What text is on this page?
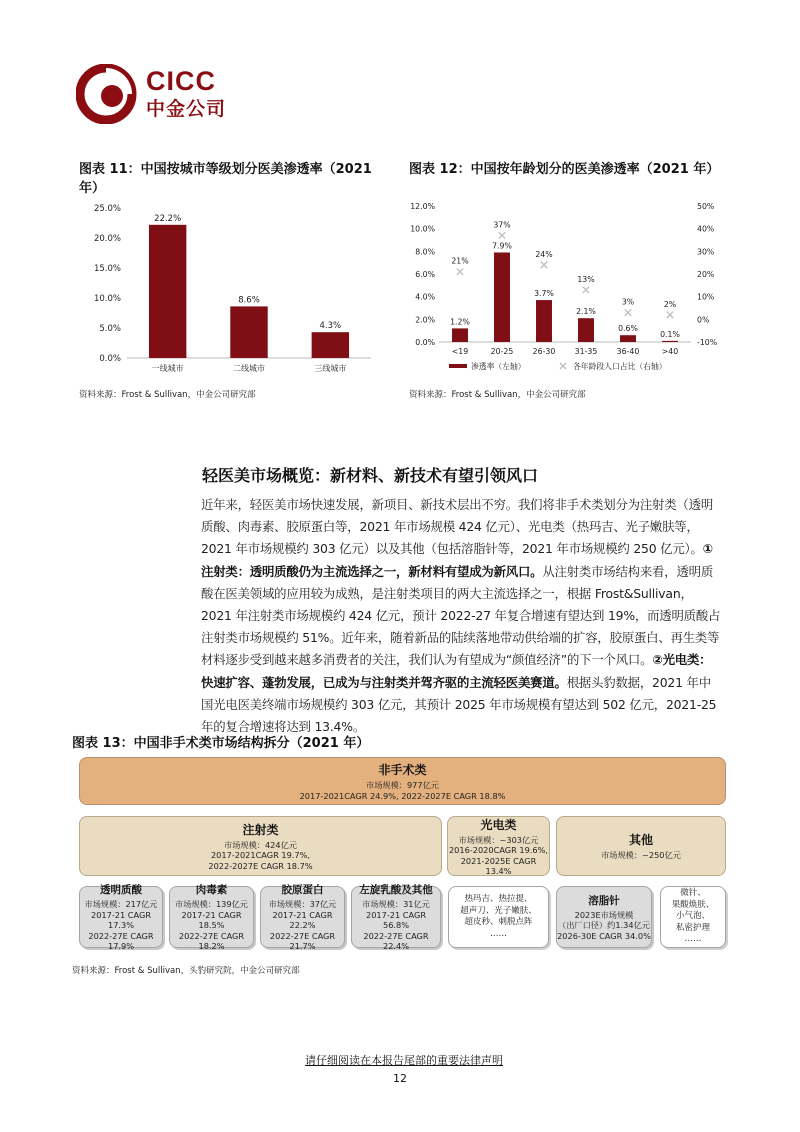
CICC
中金公司
图表 11：中国按城市等级划分医美渗透率（2021 年）
0.0%
5.0%
10.0%
15.0%
20.0%
25.0%
22.2%
一线城市
8.6%
二线城市
4.3%
三线城市
资料来源：Frost & Sullivan，中金公司研究部
图表 12：中国按年龄划分的医美渗透率（2021 年）
0.0%
2.0%
4.0%
6.0%
8.0%
10.0%
12.0%
-10%
0%
10%
20%
30%
40%
50%
1.2%
21%
<19
7.9%
37%
20-25
3.7%
24%
26-30
2.1%
13%
31-35
0.6%
3%
36-40
0.1%
2%
>40
渗透率（左轴）	各年龄段人口占比（右轴）
资料来源：Frost & Sullivan，中金公司研究部
轻医美市场概览：新材料、新技术有望引领风口
近年来，轻医美市场快速发展，新项目、新技术层出不穷。我们将非手术类划分为注射类（透明质酸、肉毒素、胶原蛋白等，2021 年市场规模 424 亿元）、光电类（热玛吉、光子嫩肤等，2021 年市场规模约 303 亿元）以及其他（包括溶脂针等，2021 年市场规模约 250 亿元）。①注射类：透明质酸仍为主流选择之一，新材料有望成为新风口。从注射类市场结构来看，透明质酸在医美领域的应用较为成熟，是注射类项目的两大主流选择之一，根据 Frost&Sullivan，2021 年注射类市场规模约 424 亿元，预计 2022-27 年复合增速有望达到 19%，而透明质酸占注射类市场规模约 51%。近年来，随着新品的陆续落地带动供给端的扩容，胶原蛋白、再生类等材料逐步受到越来越多消费者的关注，我们认为有望成为“颜值经济”的下一个风口。②光电类：快速扩容、蓬勃发展，已成为与注射类并驾齐驱的主流轻医美赛道。根据头豹数据，2021 年中国光电医美终端市场规模约 303 亿元，其预计 2025 年市场规模有望达到 502 亿元，2021-25 年的复合增速将达到 13.4%。
图表 13：中国非手术类市场结构拆分（2021 年）
非手术类
市场规模：977亿元
2017-2021CAGR 24.9%, 2022-2027E CAGR 18.8%
注射类
市场规模：424亿元
2017-2021CAGR 19.7%,
2022-2027E CAGR 18.7%
光电类
市场规模：~303亿元
2016-2020CAGR 19.6%,
2021-2025E CAGR 13.4%
其他
市场规模：~250亿元
透明质酸
市场规模：217亿元
2017-21 CAGR 17.3%
2022-27E CAGR 17.9%
肉毒素
市场规模：139亿元
2017-21 CAGR 18.5%
2022-27E CAGR 18.2%
胶原蛋白
市场规模：37亿元
2017-21 CAGR 22.2%
2022-27E CAGR 21.7%
左旋乳酸及其他
市场规模：31亿元
2017-21 CAGR 56.8%
2022-27E CAGR 22.4%
热玛吉、热拉提、
超声刀、光子嫩肤、
超皮秒、刺脱点阵
……
溶脂针
2023E市场规模
（出厂口径）约1.34亿元
2026-30E CAGR 34.0%
微针、
果酸焕肤、
小气泡、
私密护理
……
资料来源：Frost & Sullivan，头豹研究院，中金公司研究部
请仔细阅读在本报告尾部的重要法律声明
12
